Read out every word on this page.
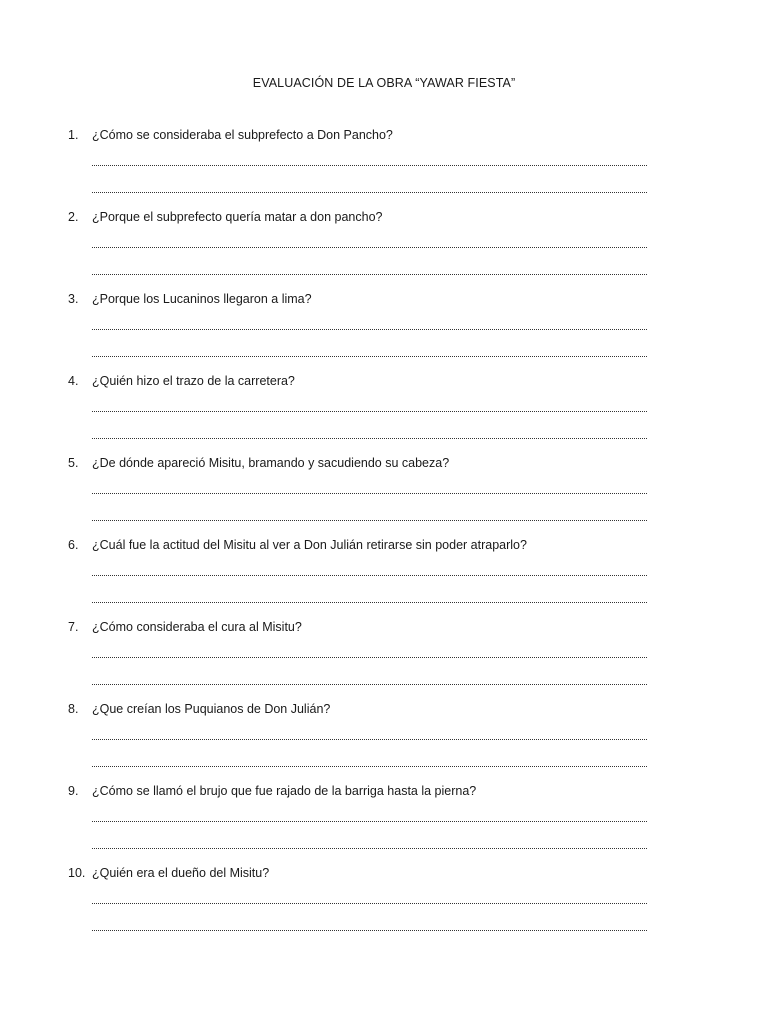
EVALUACIÓN DE LA OBRA “YAWAR FIESTA”
1. ¿Cómo se consideraba el subprefecto a Don Pancho?
2. ¿Porque el subprefecto quería matar a don pancho?
3. ¿Porque los Lucaninos llegaron a lima?
4. ¿Quién hizo el trazo de la carretera?
5. ¿De dónde apareció Misitu, bramando y sacudiendo su cabeza?
6. ¿Cuál fue la actitud del Misitu al ver a Don Julián retirarse sin poder atraparlo?
7. ¿Cómo consideraba el cura al Misitu?
8. ¿Que creían los Puquianos de Don Julián?
9. ¿Cómo se llamó el brujo que fue rajado de la barriga hasta la pierna?
10. ¿Quién era el dueño del Misitu?
